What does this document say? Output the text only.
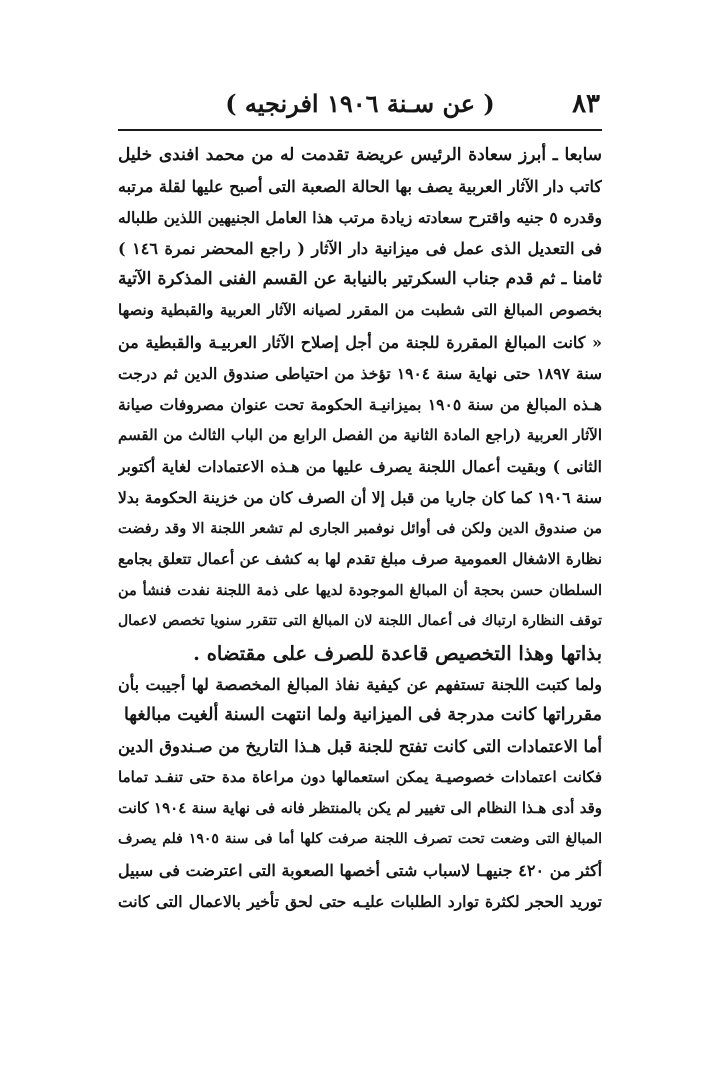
٨٣
( عن سـنة ١٩٠٦ افرنجيه )
سابعا ـ أبرز سعادة الرئيس عريضة تقدمت له من محمد افندى خليل
كاتب دار الآثار العربية يصف بها الحالة الصعبة التى أصبح عليها لقلة مرتبه
وقدره ٥ جنيه واقترح سعادته زيادة مرتب هذا العامل الجنيهين اللذين طلباله
فى التعديل الذى عمل فى ميزانية دار الآثار ( راجع المحضر نمرة ١٤٦ )
ثامنا ـ ثم قدم جناب السكرتير بالنيابة عن القسم الفنى المذكرة الآتية
بخصوص المبالغ التى شطبت من المقرر لصيانه الآثار العربية والقبطية ونصها
« كانت المبالغ المقررة للجنة من أجل إصلاح الآثار العربيـة والقبطية من
سنة ١٨٩٧ حتى نهاية سنة ١٩٠٤ تؤخذ من احتياطى صندوق الدين ثم درجت
هـذه المبالغ من سنة ١٩٠٥ بميزانيـة الحكومة تحت عنوان مصروفات صيانة
الآثار العربية (راجع المادة الثانية من الفصل الرابع من الباب الثالث من القسم
الثانى ) وبقيت أعمال اللجنة يصرف عليها من هـذه الاعتمادات لغاية أكتوبر
سنة ١٩٠٦ كما كان جاريا من قبل إلا أن الصرف كان من خزينة الحكومة بدلا
من صندوق الدين ولكن فى أوائل نوفمبر الجارى لم تشعر اللجنة الا وقد رفضت
نظارة الاشغال العمومية صرف مبلغ تقدم لها به كشف عن أعمال تتعلق بجامع
السلطان حسن بحجة أن المبالغ الموجودة لديها على ذمة اللجنة نفدت فنشأ من
توقف النظارة ارتباك فى أعمال اللجنة لان المبالغ التى تتقرر سنويا تخصص لاعمال
بذاتها وهذا التخصيص قاعدة للصرف على مقتضاه .
ولما كتبت اللجنة تستفهم عن كيفية نفاذ المبالغ المخصصة لها أجيبت بأن
مقرراتها كانت مدرجة فى الميزانية ولما انتهت السنة ألغيت مبالغها
أما الاعتمادات التى كانت تفتح للجنة قبل هـذا التاريخ من صـندوق الدين
فكانت اعتمادات خصوصيـة يمكن استعمالها دون مراعاة مدة حتى تنفـد تماما
وقد أدى هـذا النظام الى تغيير لم يكن بالمنتظر فانه فى نهاية سنة ١٩٠٤ كانت
المبالغ التى وضعت تحت تصرف اللجنة صرفت كلها أما فى سنة ١٩٠٥ فلم يصرف
أكثر من ٤٢٠ جنيهـا لاسباب شتى أخصها الصعوبة التى اعترضت فى سبيل
توريد الحجر لكثرة توارد الطلبات عليـه حتى لحق تأخير بالاعمال التى كانت
